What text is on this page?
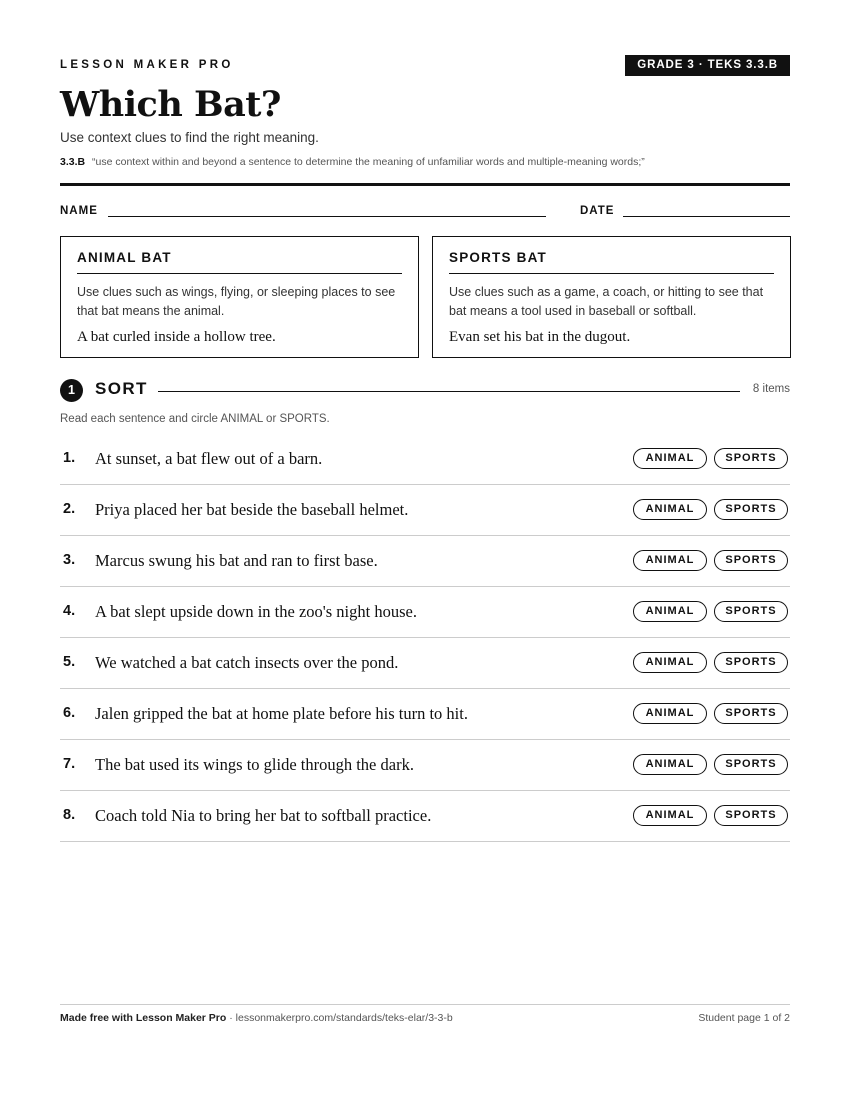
LESSON MAKER PRO	GRADE 3 · TEKS 3.3.B
Which Bat?
Use context clues to find the right meaning.
3.3.B “use context within and beyond a sentence to determine the meaning of unfamiliar words and multiple-meaning words;”
NAME	DATE
ANIMAL BAT
Use clues such as wings, flying, or sleeping places to see that bat means the animal.
A bat curled inside a hollow tree.
SPORTS BAT
Use clues such as a game, a coach, or hitting to see that bat means a tool used in baseball or softball.
Evan set his bat in the dugout.
1	SORT	8 items
Read each sentence and circle ANIMAL or SPORTS.
1. At sunset, a bat flew out of a barn.	ANIMAL	SPORTS
2. Priya placed her bat beside the baseball helmet.	ANIMAL	SPORTS
3. Marcus swung his bat and ran to first base.	ANIMAL	SPORTS
4. A bat slept upside down in the zoo's night house.	ANIMAL	SPORTS
5. We watched a bat catch insects over the pond.	ANIMAL	SPORTS
6. Jalen gripped the bat at home plate before his turn to hit.	ANIMAL	SPORTS
7. The bat used its wings to glide through the dark.	ANIMAL	SPORTS
8. Coach told Nia to bring her bat to softball practice.	ANIMAL	SPORTS
Made free with Lesson Maker Pro · lessonmakerpro.com/standards/teks-elar/3-3-b	Student page 1 of 2
